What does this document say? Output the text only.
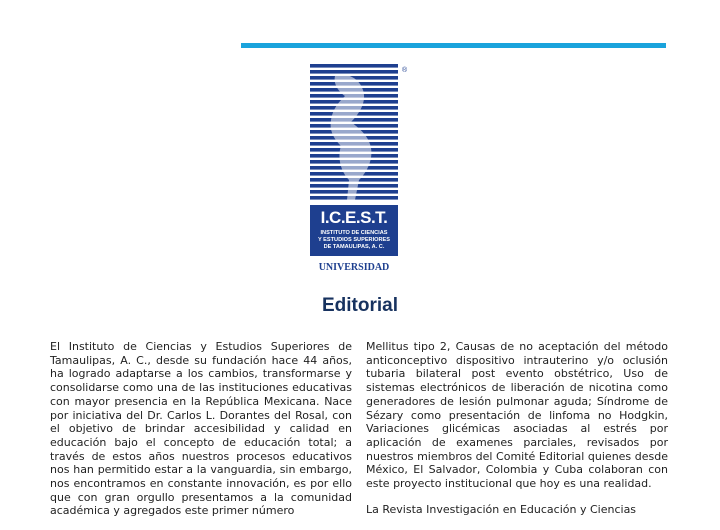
®
I.C.E.S.T.
INSTITUTO DE CIENCIAS
Y ESTUDIOS SUPERIORES
DE TAMAULIPAS, A. C.
UNIVERSIDAD
Editorial

El Instituto de Ciencias y Estudios Superiores de Tamaulipas, A. C., desde su fundación hace 44 años, ha logrado adaptarse a los cambios, transformarse y consolidarse como una de las instituciones educativas con mayor presencia en la República Mexicana. Nace por iniciativa del Dr. Carlos L. Dorantes del Rosal, con el objetivo de brindar accesibilidad y calidad en educación bajo el concepto de educación total; a través de estos años nuestros procesos educativos nos han permitido estar a la vanguardia, sin embargo, nos encontramos en constante innovación, es por ello que con gran orgullo presentamos a la comunidad académica y agregados este primer número

Mellitus tipo 2, Causas de no aceptación del método anticonceptivo dispositivo intrauterino y/o oclusión tubaria bilateral post evento obstétrico, Uso de sistemas electrónicos de liberación de nicotina como generadores de lesión pulmonar aguda; Síndrome de Sézary como presentación de linfoma no Hodgkin, Variaciones glicémicas asociadas al estrés por aplicación de examenes parciales, revisados por nuestros miembros del Comité Editorial quienes desde México, El Salvador, Colombia y Cuba colaboran con este proyecto institucional que hoy es una realidad.

La Revista Investigación en Educación y Ciencias
